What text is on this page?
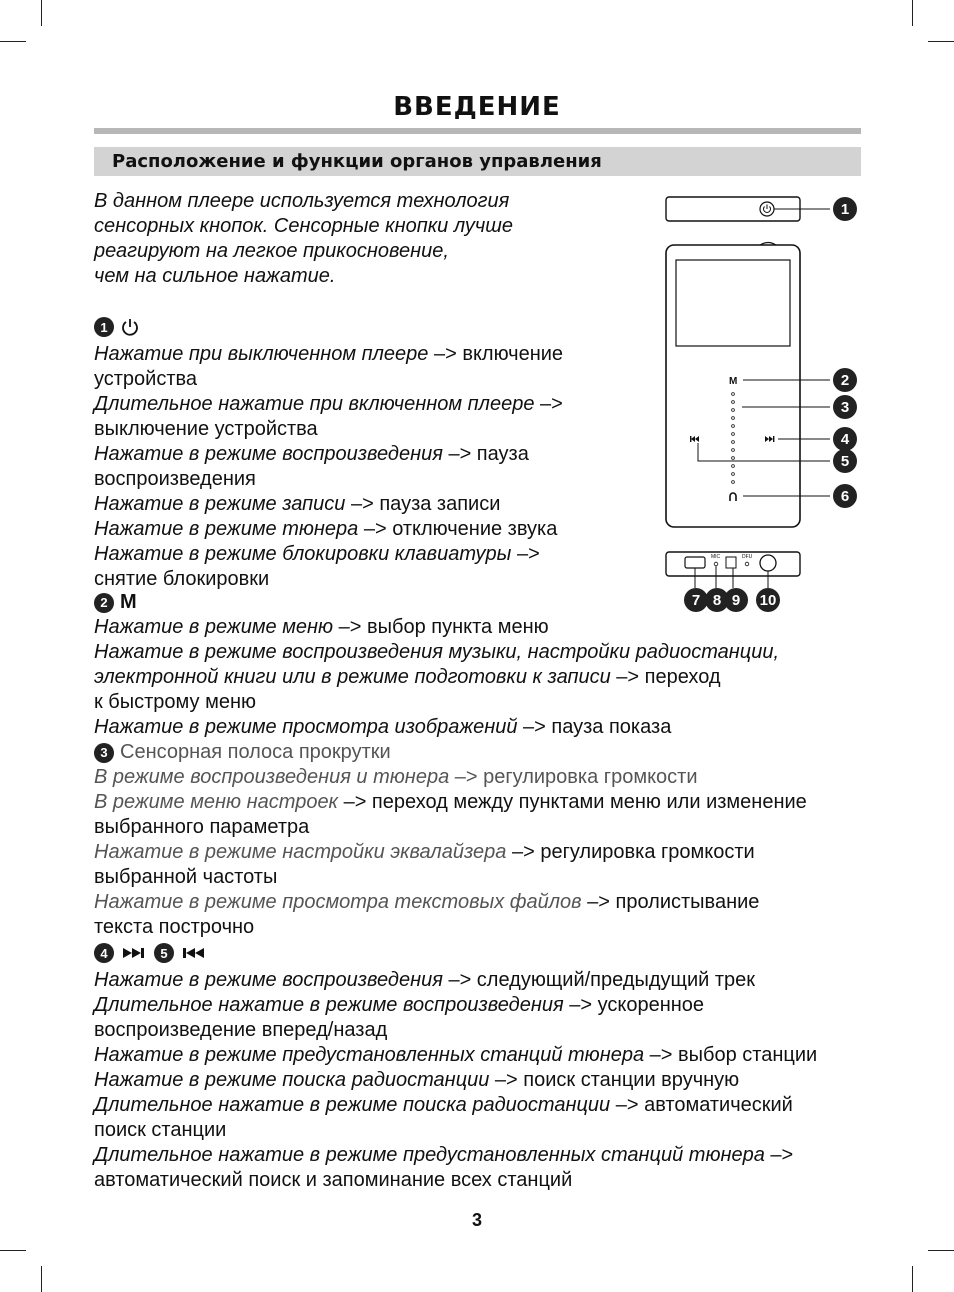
ВВЕДЕНИЕ
Расположение и функции органов управления
В данном плеере используется технология
сенсорных кнопок. Сенсорные кнопки лучше
реагируют на легкое прикосновение,
чем на сильное нажатие.
1
Нажатие при выключенном плеере –> включение
устройства
Длительное нажатие при включенном плеере –>
выключение устройства
Нажатие в режиме воспроизведения –> пауза
воспроизведения
Нажатие в режиме записи –> пауза записи
Нажатие в режиме тюнера –> отключение звука
Нажатие в режиме блокировки клавиатуры –>
снятие блокировки
2 M
Нажатие в режиме меню –> выбор пункта меню
Нажатие в режиме воспроизведения музыки, настройки радиостанции,
электронной книги или в режиме подготовки к записи –> переход
к быстрому меню
Нажатие в режиме просмотра изображений –> пауза показа
3 Сенсорная полоса прокрутки
В режиме воспроизведения и тюнера –> регулировка громкости
В режиме меню настроек –> переход между пунктами меню или изменение
выбранного параметра
Нажатие в режиме настройки эквалайзера –> регулировка громкости
выбранной частоты
Нажатие в режиме просмотра текстовых файлов –> пролистывание
текста построчно
4	5
Нажатие в режиме воспроизведения –> следующий/предыдущий трек
Длительное нажатие в режиме воспроизведения –> ускоренное
воспроизведение вперед/назад
Нажатие в режиме предустановленных станций тюнера –> выбор станции
Нажатие в режиме поиска радиостанции –> поиск станции вручную
Длительное нажатие в режиме поиска радиостанции –> автоматический
поиск станции
Длительное нажатие в режиме предустановленных станций тюнера –>
автоматический поиск и запоминание всех станций
M
MIC	DFU
1
2
3
4
5
6
7 8 9	10
3
